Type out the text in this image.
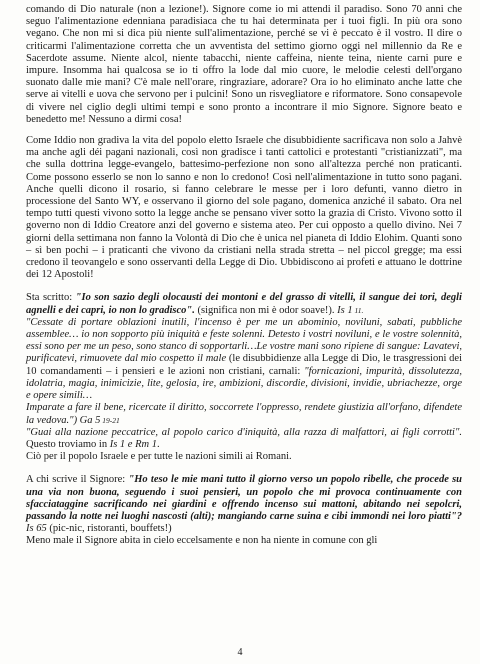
comando di Dio naturale (non a lezione!). Signore come io mi attendi il paradiso. Sono 70 anni che seguo l'alimentazione edenniana paradisiaca che tu hai determinata per i tuoi figli. In più ora sono vegano. Che non mi si dica più niente sull'alimentazione, perché se vi è peccato è il vostro. Il dire o criticarmi l'alimentazione corretta che un avventista del settimo giorno oggi nel millennio da Re e Sacerdote assume. Niente alcol, niente tabacchi, niente caffeina, niente teina, niente carni pure e impure. Insomma hai qualcosa se io ti offro la lode dal mio cuore, le melodie celesti dell'organo suonato dalle mie mani? C'è male nell'orare, ringraziare, adorare? Ora io ho eliminato anche latte che serve ai vitelli e uova che servono per i pulcini! Sono un risvegliatore e riformatore. Sono consapevole di vivere nel ciglio degli ultimi tempi e sono pronto a incontrare il mio Signore. Signore beato e benedetto me! Nessuno a dirmi cosa!

Come Iddio non gradiva la vita del popolo eletto Israele che disubbidiente sacrificava non solo a Jahvè ma anche agli déi pagani nazionali, così non gradisce i tanti cattolici e protestanti "cristianizzati", ma che sulla dottrina legge-evangelo, battesimo-perfezione non sono all'altezza perché non praticanti. Come possono esserlo se non lo sanno e non lo credono! Così nell'alimentazione in tutto sono pagani. Anche quelli dicono il rosario, si fanno celebrare le messe per i loro defunti, vanno dietro in processione del Santo WY, e osservano il giorno del sole pagano, domenica anziché il sabato. Ora nel tempo tutti questi vivono sotto la legge anche se pensano viver sotto la grazia di Cristo. Vivono sotto il governo non di Iddio Creatore anzi del governo e sistema ateo. Per cui opposto a quello divino. Nei 7 giorni della settimana non fanno la Volontà di Dio che è unica nel pianeta di Iddio Elohim. Quanti sono – sì ben pochi – i praticanti che vivono da cristiani nella strada stretta – nel piccol gregge; ma essi credono il teovangelo e sono osservanti della Legge di Dio. Ubbidiscono ai profeti e attuano le dottrine dei 12 Apostoli!

Sta scritto: "Io son sazio degli olocausti dei montoni e del grasso di vitelli, il sangue dei tori, degli agnelli e dei capri, io non lo gradisco". (significa non mi è odor soave!). Is 1 11.
"Cessate di portare oblazioni inutili, l'incenso è per me un abominio, noviluni, sabati, pubbliche assemblee… io non sopporto più iniquità e feste solenni. Detesto i vostri noviluni, e le vostre solennità, essi sono per me un peso, sono stanco di sopportarli…Le vostre mani sono ripiene di sangue: Lavatevi, purificatevi, rimuovete dal mio cospetto il male (le disubbidienze alla Legge di Dio, le trasgressioni dei 10 comandamenti – i pensieri e le azioni non cristiani, carnali: "fornicazioni, impurità, dissolutezza, idolatria, magia, inimicizie, lite, gelosia, ire, ambizioni, discordie, divisioni, invidie, ubriachezze, orge e opere simili…
Imparate a fare il bene, ricercate il diritto, soccorrete l'oppresso, rendete giustizia all'orfano, difendete la vedova.") Ga 5 19-21
"Guai alla nazione peccatrice, al popolo carico d'iniquità, alla razza di malfattori, ai figli corrotti". Questo troviamo in Is 1 e Rm 1.
Ciò per il popolo Israele e per tutte le nazioni simili ai Romani.

A chi scrive il Signore: "Ho teso le mie mani tutto il giorno verso un popolo ribelle, che procede su una via non buona, seguendo i suoi pensieri, un popolo che mi provoca continuamente con sfacciataggine sacrificando nei giardini e offrendo incenso sui mattoni, abitando nei sepolcri, passando la notte nei luoghi nascosti (alti); mangiando carne suina e cibi immondi nei loro piatti"? Is 65 (pic-nic, ristoranti, bouffets!)
Meno male il Signore abita in cielo eccelsamente e non ha niente in comune con gli

4
